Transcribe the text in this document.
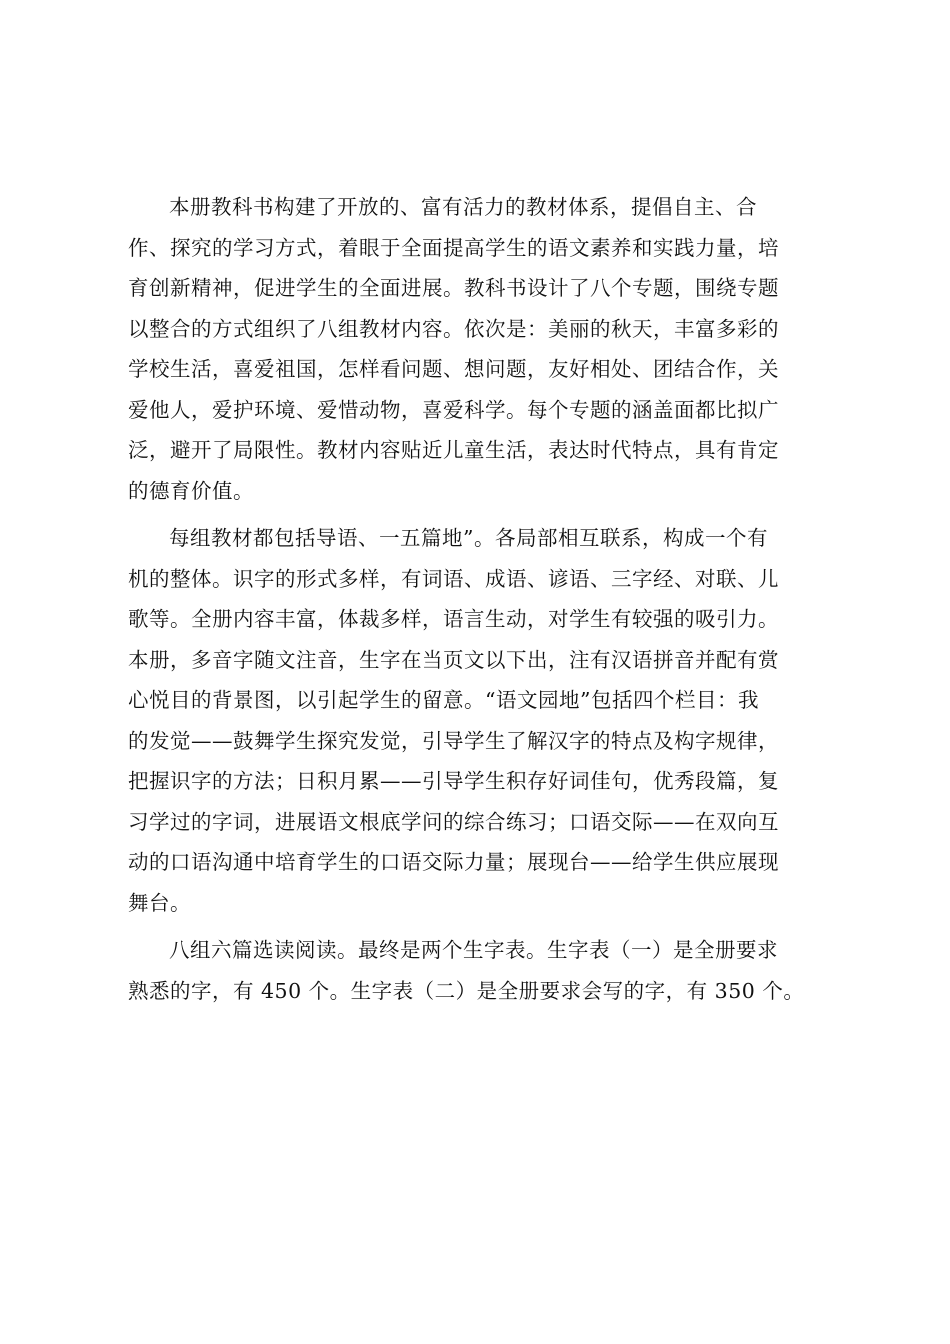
本册教科书构建了开放的、富有活力的教材体系，提倡自主、合
作、探究的学习方式，着眼于全面提高学生的语文素养和实践力量，培
育创新精神，促进学生的全面进展。教科书设计了八个专题，围绕专题
以整合的方式组织了八组教材内容。依次是：美丽的秋天，丰富多彩的
学校生活，喜爱祖国，怎样看问题、想问题，友好相处、团结合作，关
爱他人，爱护环境、爱惜动物，喜爱科学。每个专题的涵盖面都比拟广
泛，避开了局限性。教材内容贴近儿童生活，表达时代特点，具有肯定
的德育价值。

每组教材都包括导语、一五篇地”。各局部相互联系，构成一个有
机的整体。识字的形式多样，有词语、成语、谚语、三字经、对联、儿
歌等。全册内容丰富，体裁多样，语言生动，对学生有较强的吸引力。
本册，多音字随文注音，生字在当页文以下出，注有汉语拼音并配有赏
心悦目的背景图，以引起学生的留意。“语文园地”包括四个栏目：我
的发觉——鼓舞学生探究发觉，引导学生了解汉字的特点及构字规律，
把握识字的方法；日积月累——引导学生积存好词佳句，优秀段篇，复
习学过的字词，进展语文根底学问的综合练习；口语交际——在双向互
动的口语沟通中培育学生的口语交际力量；展现台——给学生供应展现
舞台。

八组六篇选读阅读。最终是两个生字表。生字表（一）是全册要求
熟悉的字，有 450 个。生字表（二）是全册要求会写的字，有 350 个。
